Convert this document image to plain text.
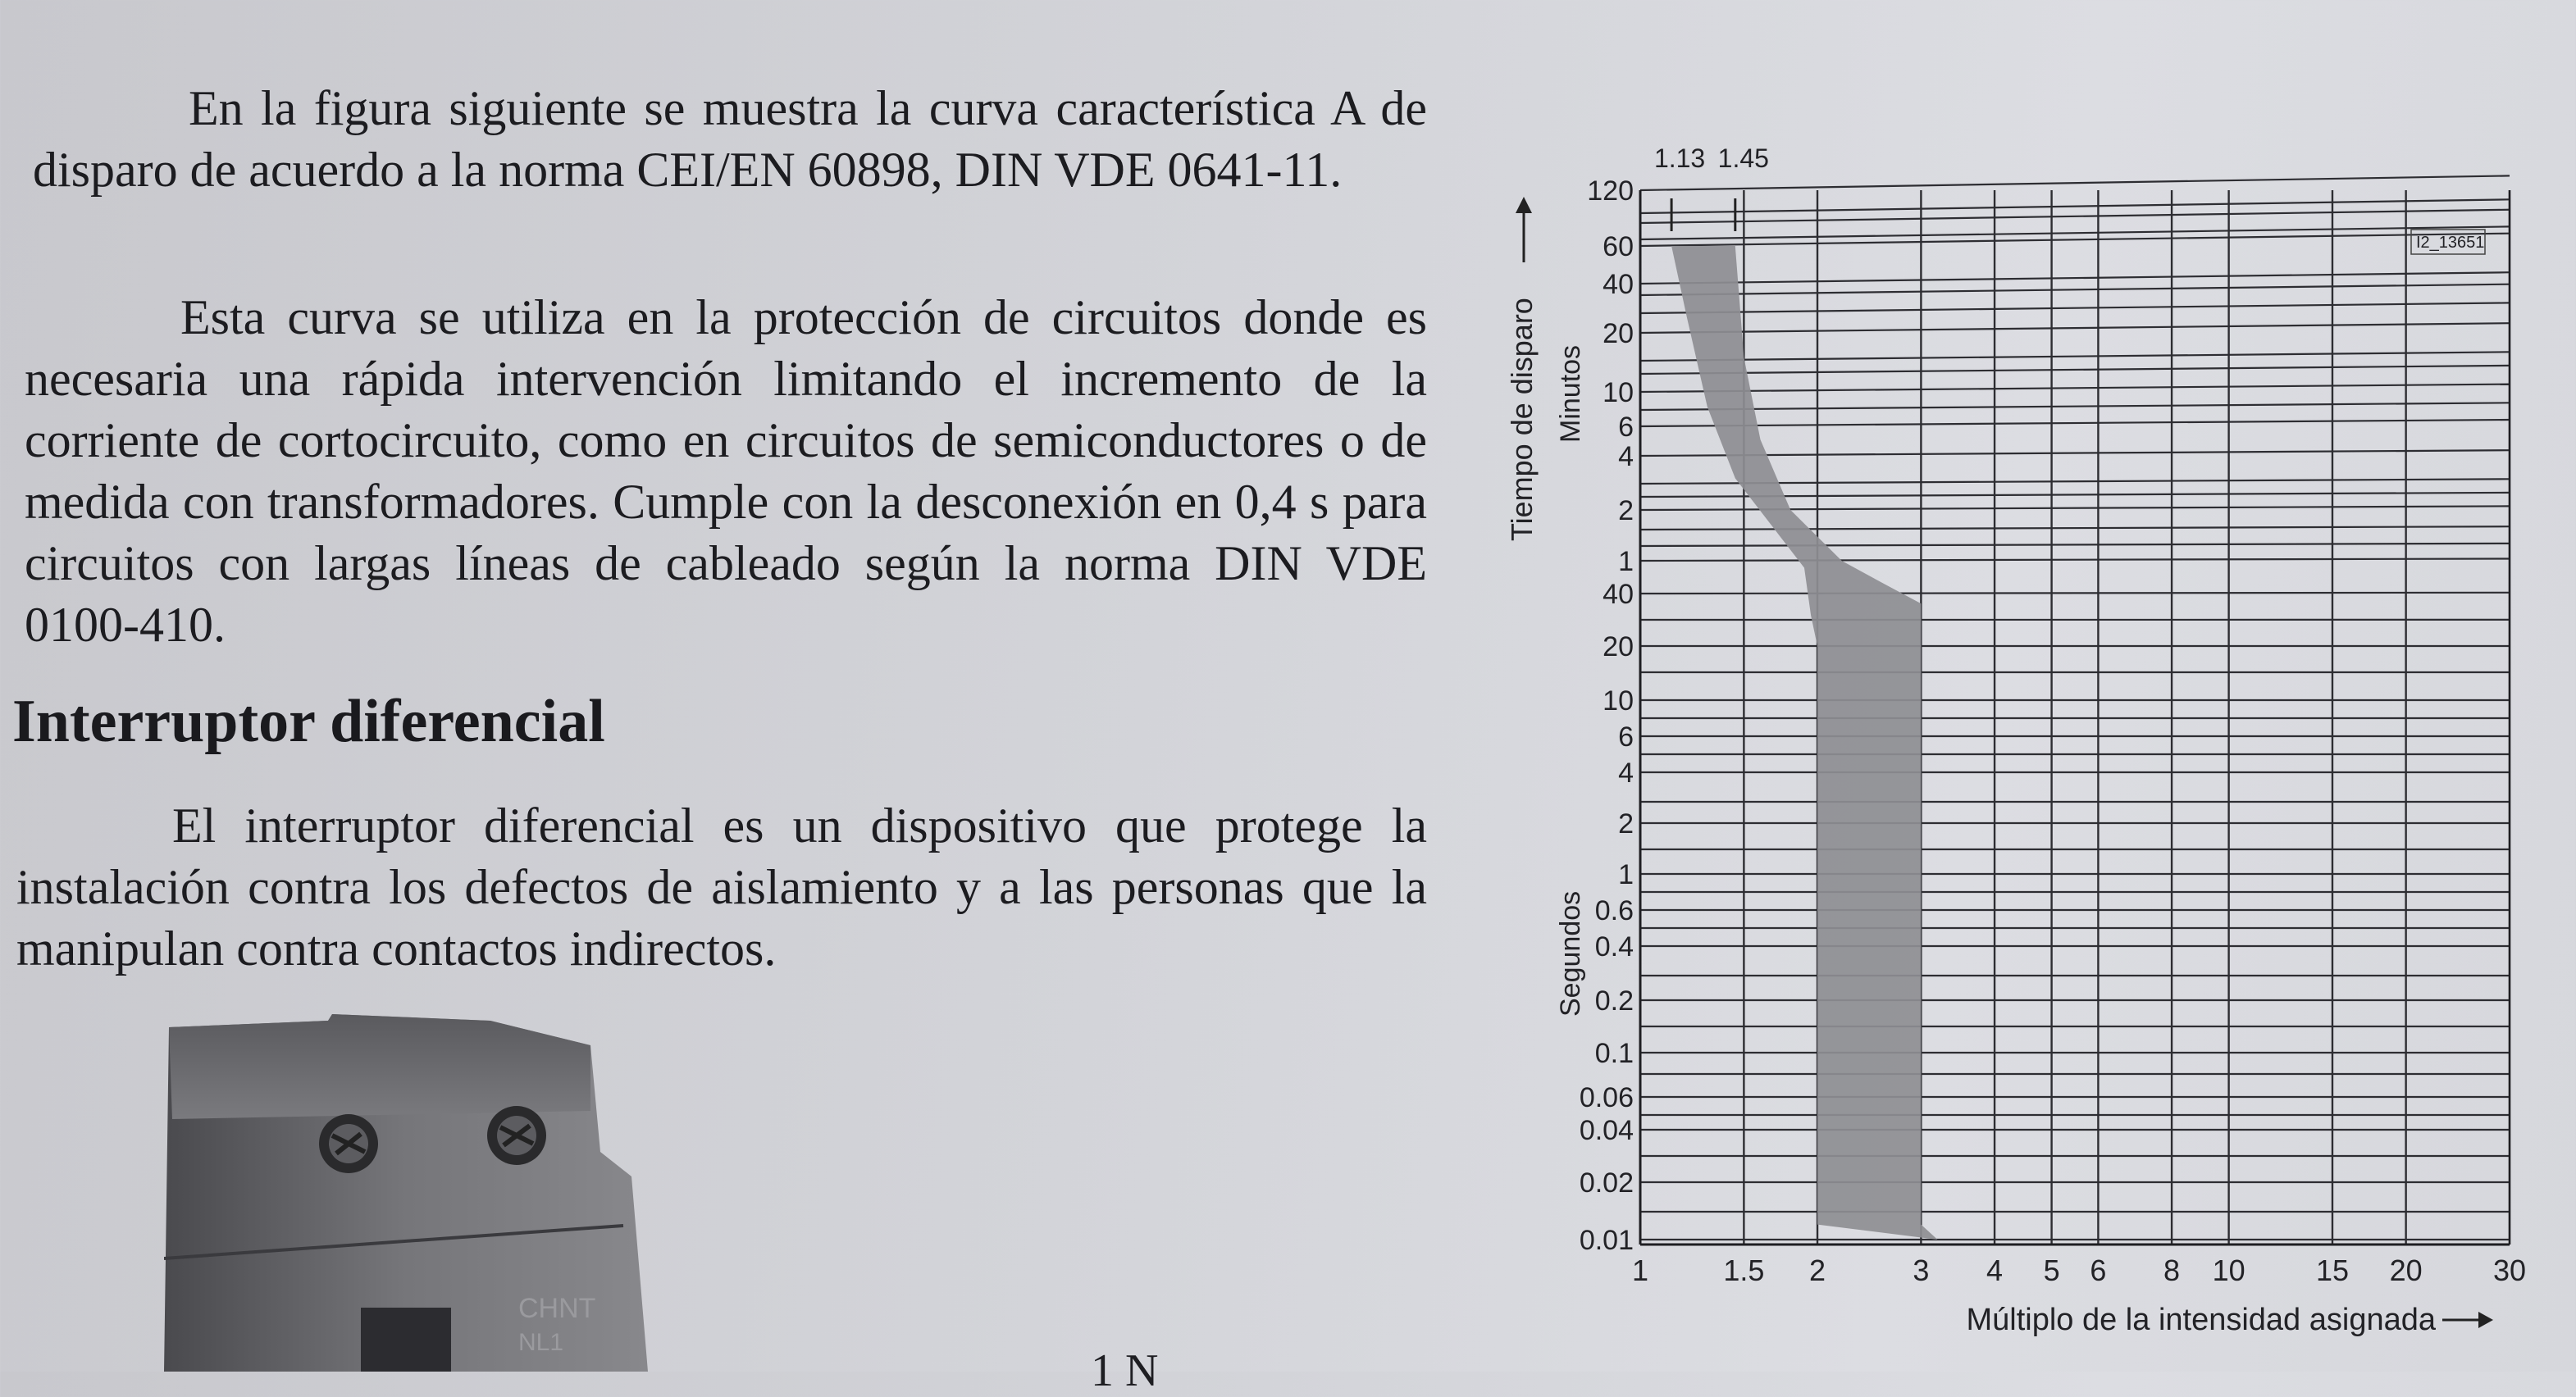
En la figura siguiente se muestra la curva característica A de disparo de acuerdo a la norma CEI/EN 60898, DIN VDE 0641-11.

Esta curva se utiliza en la protección de circuitos donde es necesaria una rápida intervención limitando el incremento de la corriente de cortocircuito, como en circuitos de semiconductores o de medida con transformadores. Cumple con la desconexión en 0,4 s para circuitos con largas líneas de cableado según la norma DIN VDE 0100-410.

Interruptor diferencial

El interruptor diferencial es un dispositivo que protege la instalación contra los defectos de aislamiento y a las personas que la manipulan contra contactos indirectos.

CHNT
NL1
120
60
40
20
10
6
4
2
1
40
20
10
6
4
2
1
0.6
0.4
0.2
0.1
0.06
0.04
0.02
0.01
1	1.5 2	3 4 5 6 8 10 15 20 30
1.13 1.45
Múltiplo de la intensidad asignada
Tiempo de disparo Minutos
Segundos
I2_13651
1 N
